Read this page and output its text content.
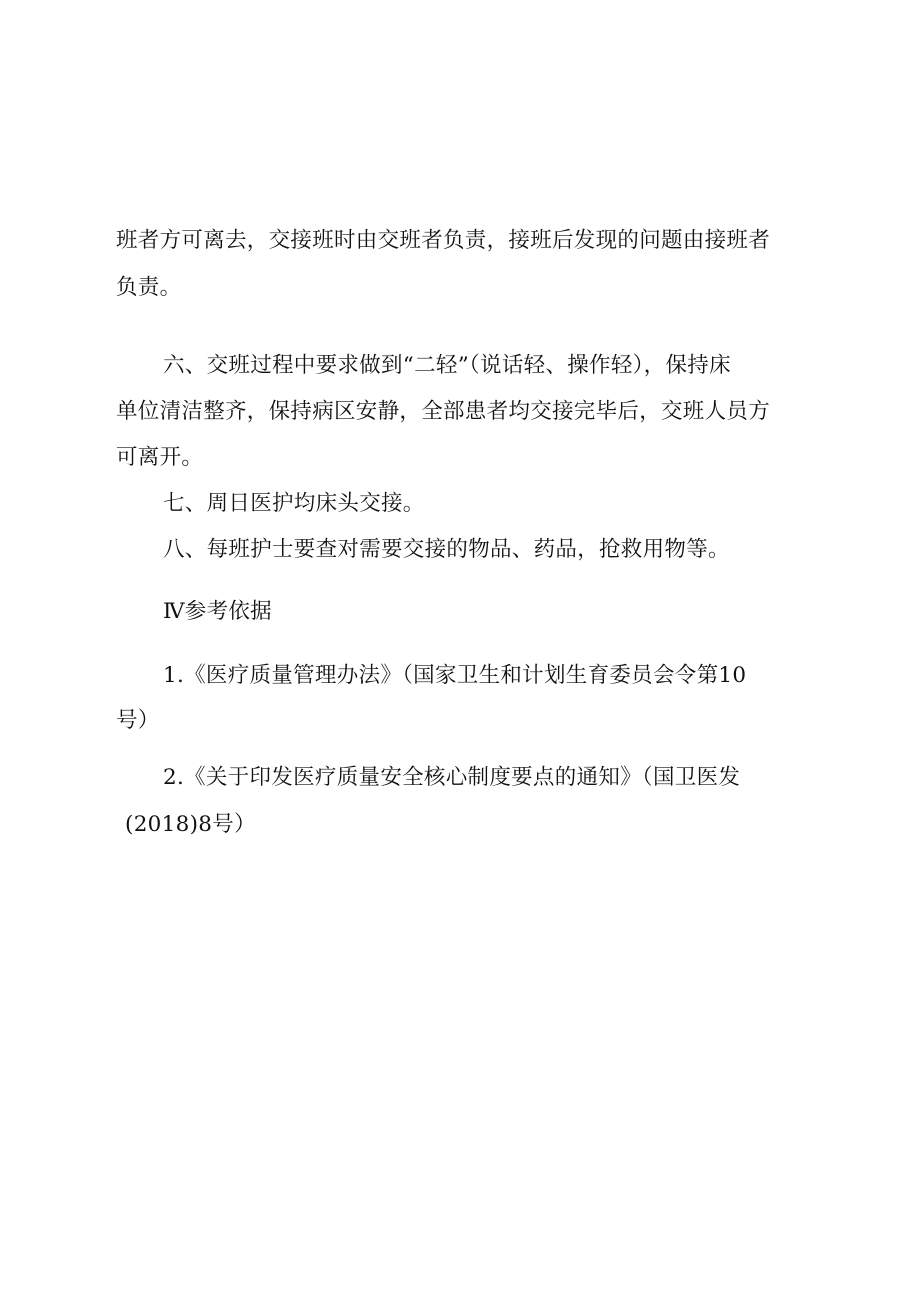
班者方可离去，交接班时由交班者负责，接班后发现的问题由接班者
负责。
六、交班过程中要求做到“二轻”（说话轻、操作轻），保持床
单位清洁整齐，保持病区安静，全部患者均交接完毕后，交班人员方
可离开。
七、周日医护均床头交接。
八、每班护士要查对需要交接的物品、药品，抢救用物等。
Ⅳ参考依据
1.《医疗质量管理办法》（国家卫生和计划生育委员会令第10
号）
2.《关于印发医疗质量安全核心制度要点的通知》（国卫医发
(2018)8号）
